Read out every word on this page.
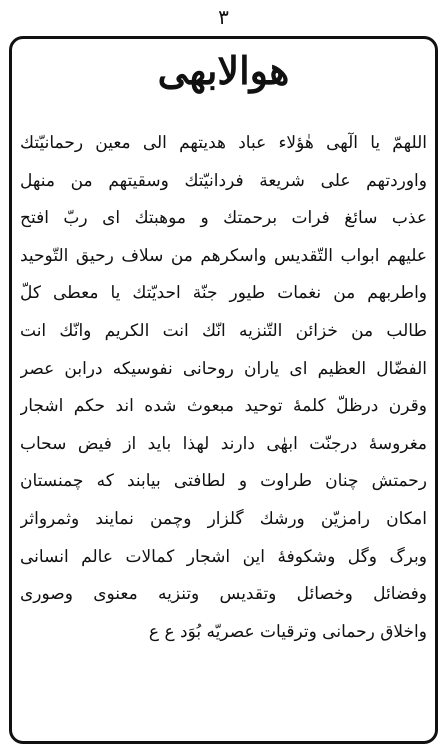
٣
هوالابهی
اللهمّ یا الٓهی هٰؤلاء عباد هدیتهم الی معین رحمانیّتك
واوردتهم علی شریعة فردانیّتك وسقیتهم من منهل
عذب سائغ فرات برحمتك و موهبتك ای ربّ افتح
علیهم ابواب التّقدیس واسکرهم من سلاف رحیق التّوحید
واطربهم من نغمات طیور جنّة احدیّتك یا معطی کلّ
طالب من خزائن التّنزیه انّك انت الکریم وانّك انت
الفضّال العظیم ای یاران روحانی نفوسیکه درابن عصر
وقرن درظلّ کلمهٔ توحید مبعوث شده اند حکم اشجار
مغروسهٔ درجنّت ابهٰی دارند لهذا باید از فیض سحاب
رحمتش چنان طراوت و لطافتی بیابند که چمنستان
امکان رامزیّن ورشك گلزار وچمن نمایند وثمرواثر
وبرگ وگل وشکوفهٔ این اشجار کمالات عالم انسانی
وفضائل وخصائل وتقدیس وتنزیه معنوی وصوری
واخلاق رحمانی وترقیات عصریّه بُوَد ع ع
